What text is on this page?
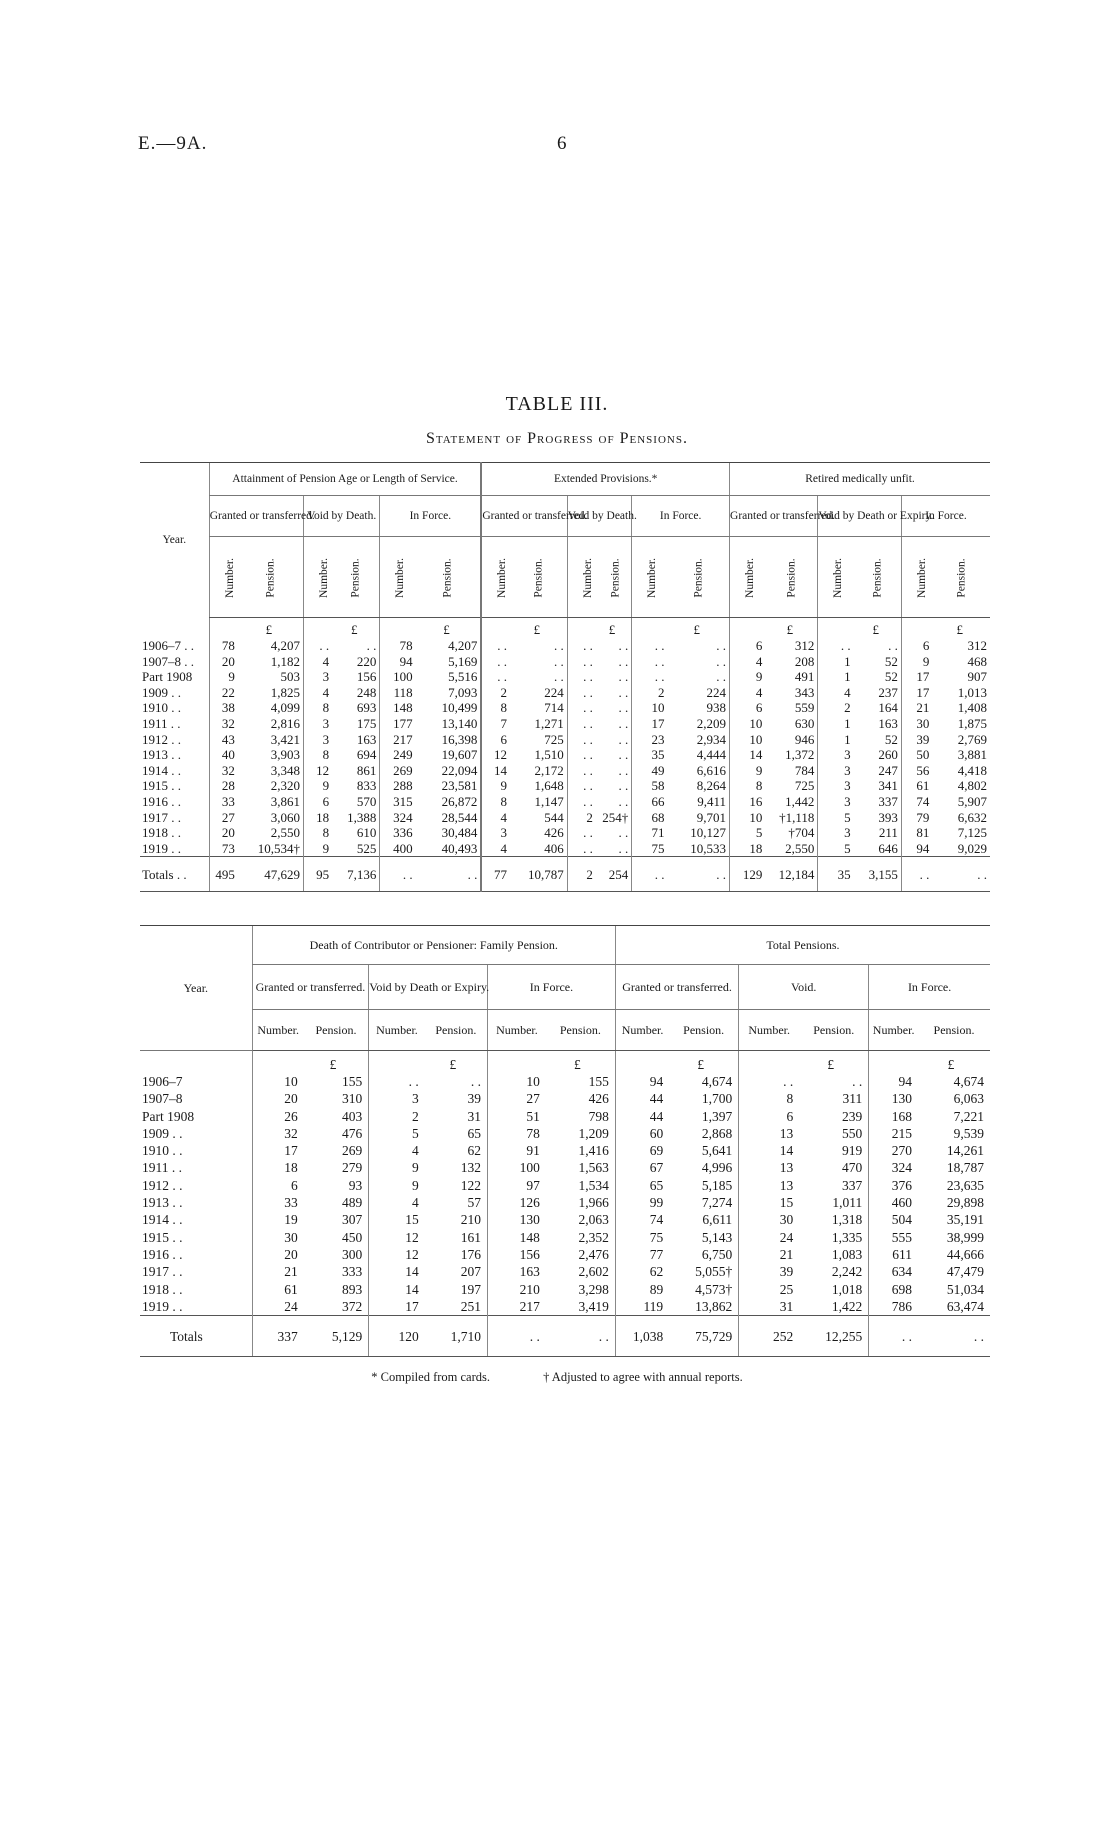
E.—9A.	6
TABLE III.
Statement of Progress of Pensions.
Year.	Attainment of Pension Age or Length of Service.						Extended Provisions.*						Retired medically unfit.					
	Granted or transferred.		Void by Death.		In Force.		Granted or transferred.		Void by Death.		In Force.		Granted or transferred.		Void by Death or Expiry.		In Force.	
	Number.	Pension.	Number.	Pension.	Number.	Pension.	Number.	Pension.	Number.	Pension.	Number.	Pension.	Number.	Pension.	Number.	Pension.	Number.	Pension.
		£		£		£		£		£		£		£		£		£
1906–7 . .	78	4,207	. .	. .	78	4,207	. .	. .	. .	. .	. .	. .	6	312	. .	. .	6	312
1907–8 . .	20	1,182	4	220	94	5,169	. .	. .	. .	. .	. .	. .	4	208	1	52	9	468
Part 1908	9	503	3	156	100	5,516	. .	. .	. .	. .	. .	. .	9	491	1	52	17	907
1909 . .	22	1,825	4	248	118	7,093	2	224	. .	. .	2	224	4	343	4	237	17	1,013
1910 . .	38	4,099	8	693	148	10,499	8	714	. .	. .	10	938	6	559	2	164	21	1,408
1911 . .	32	2,816	3	175	177	13,140	7	1,271	. .	. .	17	2,209	10	630	1	163	30	1,875
1912 . .	43	3,421	3	163	217	16,398	6	725	. .	. .	23	2,934	10	946	1	52	39	2,769
1913 . .	40	3,903	8	694	249	19,607	12	1,510	. .	. .	35	4,444	14	1,372	3	260	50	3,881
1914 . .	32	3,348	12	861	269	22,094	14	2,172	. .	. .	49	6,616	9	784	3	247	56	4,418
1915 . .	28	2,320	9	833	288	23,581	9	1,648	. .	. .	58	8,264	8	725	3	341	61	4,802
1916 . .	33	3,861	6	570	315	26,872	8	1,147	. .	. .	66	9,411	16	1,442	3	337	74	5,907
1917 . .	27	3,060	18	1,388	324	28,544	4	544	2	254†	68	9,701	10	†1,118	5	393	79	6,632
1918 . .	20	2,550	8	610	336	30,484	3	426	. .	. .	71	10,127	5	†704	3	211	81	7,125
1919 . .	73	10,534†	9	525	400	40,493	4	406	. .	. .	75	10,533	18	2,550	5	646	94	9,029
Totals . .	495	47,629	95	7,136	. .	. .	77	10,787	2	254	. .	. .	129	12,184	35	3,155	. .	. .
Year.	Death of Contributor or Pensioner: Family Pension.						Total Pensions.					
	Granted or transferred.		Void by Death or Expiry.		In Force.		Granted or transferred.		Void.		In Force.	
	Number.	Pension.	Number.	Pension.	Number.	Pension.	Number.	Pension.	Number.	Pension.	Number.	Pension.
		£		£		£		£		£		£
1906–7	10	155	. .	. .	10	155	94	4,674	. .	. .	94	4,674
1907–8	20	310	3	39	27	426	44	1,700	8	311	130	6,063
Part 1908	26	403	2	31	51	798	44	1,397	6	239	168	7,221
1909 . .	32	476	5	65	78	1,209	60	2,868	13	550	215	9,539
1910 . .	17	269	4	62	91	1,416	69	5,641	14	919	270	14,261
1911 . .	18	279	9	132	100	1,563	67	4,996	13	470	324	18,787
1912 . .	6	93	9	122	97	1,534	65	5,185	13	337	376	23,635
1913 . .	33	489	4	57	126	1,966	99	7,274	15	1,011	460	29,898
1914 . .	19	307	15	210	130	2,063	74	6,611	30	1,318	504	35,191
1915 . .	30	450	12	161	148	2,352	75	5,143	24	1,335	555	38,999
1916 . .	20	300	12	176	156	2,476	77	6,750	21	1,083	611	44,666
1917 . .	21	333	14	207	163	2,602	62	5,055†	39	2,242	634	47,479
1918 . .	61	893	14	197	210	3,298	89	4,573†	25	1,018	698	51,034
1919 . .	24	372	17	251	217	3,419	119	13,862	31	1,422	786	63,474
Totals	337	5,129	120	1,710	. .	. .	1,038	75,729	252	12,255	. .	. .
* Compiled from cards.	† Adjusted to agree with annual reports.
